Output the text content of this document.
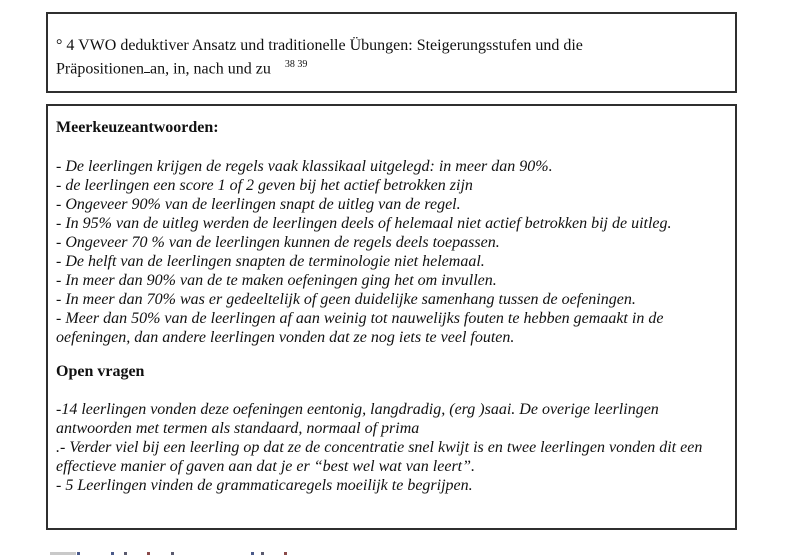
° 4 VWO deduktiver Ansatz und traditionelle Übungen: Steigerungsstufen und die
Präpositionen an, in, nach und zu $^{38 39}$
Meerkeuzeantwoorden:
- De leerlingen krijgen de regels vaak klassikaal uitgelegd: in meer dan 90%.
- de leerlingen een score 1 of 2 geven bij het actief betrokken zijn
- Ongeveer 90% van de leerlingen snapt de uitleg van de regel.
- In 95% van de uitleg werden de leerlingen deels of helemaal niet actief betrokken bij de uitleg.
- Ongeveer 70 % van de leerlingen kunnen de regels deels toepassen.
- De helft van de leerlingen snapten de terminologie niet helemaal.
- In meer dan 90% van de te maken oefeningen ging het om invullen.
- In meer dan 70% was er gedeeltelijk of geen duidelijke samenhang tussen de oefeningen.
- Meer dan 50% van de leerlingen af aan weinig tot nauwelijks fouten te hebben gemaakt in de oefeningen, dan andere leerlingen vonden dat ze nog iets te veel fouten.
Open vragen
-14 leerlingen vonden deze oefeningen eentonig, langdradig, (erg )saai. De overige leerlingen antwoorden met termen als standaard, normaal of prima
.- Verder viel bij een leerling op dat ze de concentratie snel kwijt is en twee leerlingen vonden dit een effectieve manier of gaven aan dat je er “best wel wat van leert”.
- 5 Leerlingen vinden de grammaticaregels moeilijk te begrijpen.
